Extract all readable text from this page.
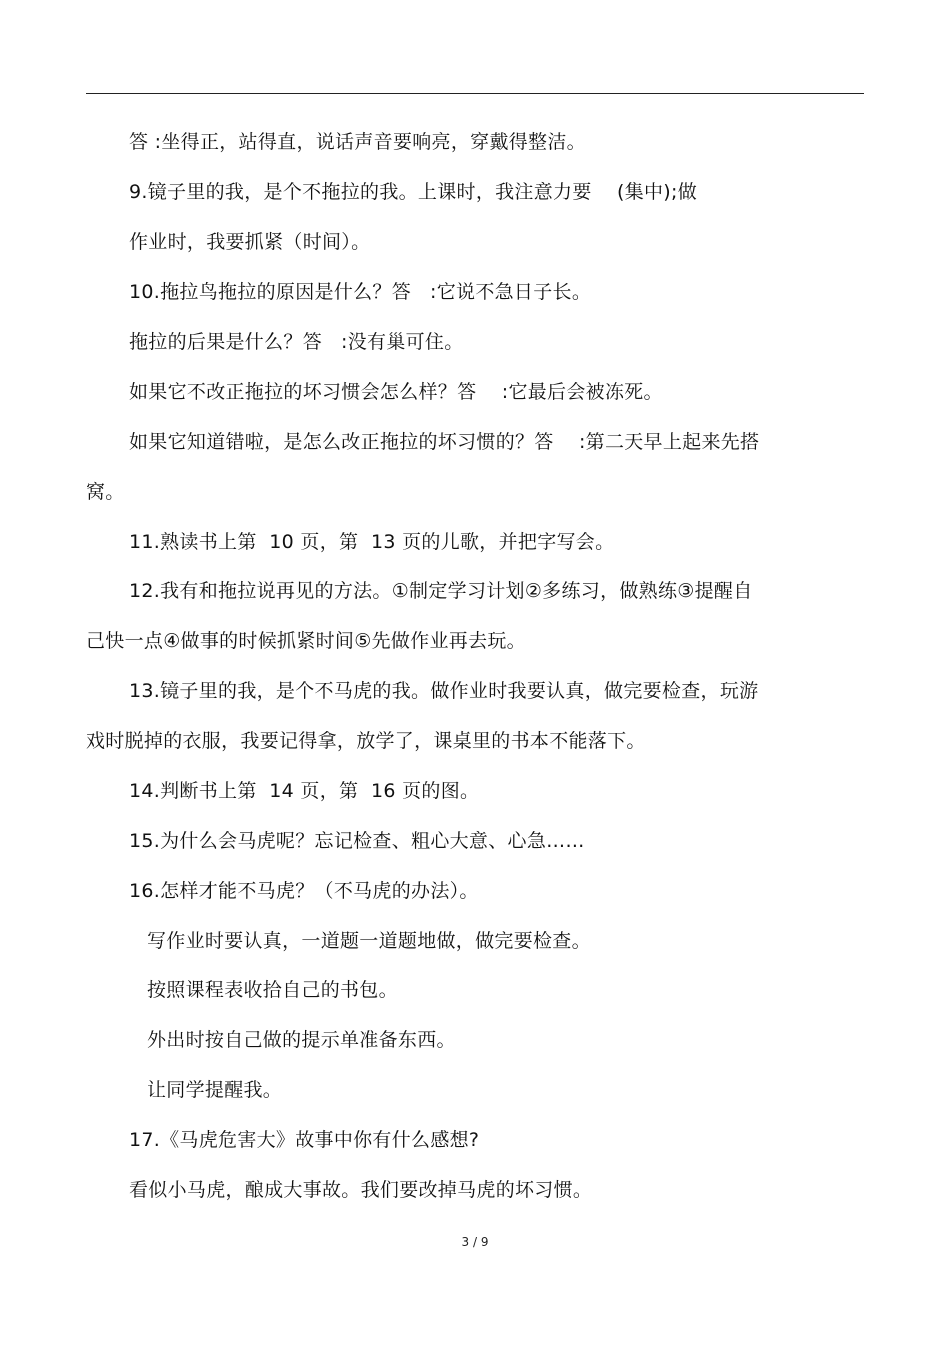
答 :坐得正，站得直，说话声音要响亮，穿戴得整洁。
9.镜子里的我，是个不拖拉的我。上课时，我注意力要    (集中);做
作业时，我要抓紧（时间）。
10.拖拉鸟拖拉的原因是什么？答   :它说不急日子长。
拖拉的后果是什么？答   :没有巢可住。
如果它不改正拖拉的坏习惯会怎么样？答    :它最后会被冻死。
如果它知道错啦，是怎么改正拖拉的坏习惯的？答    :第二天早上起来先搭
窝。
11.熟读书上第  10 页，第  13 页的儿歌，并把字写会。
12.我有和拖拉说再见的方法。①制定学习计划②多练习，做熟练③提醒自
己快一点④做事的时候抓紧时间⑤先做作业再去玩。
13.镜子里的我，是个不马虎的我。做作业时我要认真，做完要检查，玩游
戏时脱掉的衣服，我要记得拿，放学了，课桌里的书本不能落下。
14.判断书上第  14 页，第  16 页的图。
15.为什么会马虎呢？忘记检查、粗心大意、心急……
16.怎样才能不马虎？（不马虎的办法）。
写作业时要认真，一道题一道题地做，做完要检查。
按照课程表收拾自己的书包。
外出时按自己做的提示单准备东西。
让同学提醒我。
17.《马虎危害大》故事中你有什么感想?
看似小马虎，酿成大事故。我们要改掉马虎的坏习惯。
3 / 9
